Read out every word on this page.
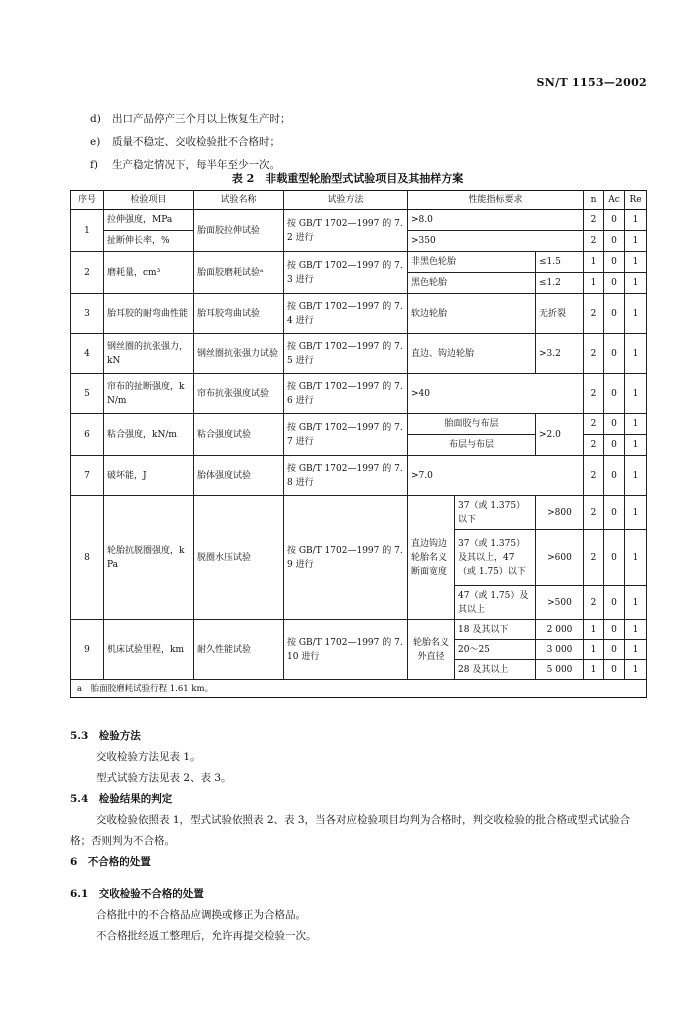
SN/T 1153—2002
d) 出口产品停产三个月以上恢复生产时；
e) 质量不稳定、交收检验批不合格时；
f) 生产稳定情况下，每半年至少一次。
表 2　非载重型轮胎型式试验项目及其抽样方案
序号	检验项目	试验名称	试验方法	性能指标要求			n	Ac	Re
1	拉伸强度，MPa	胎面胶拉伸试验	按 GB/T 1702—1997 的 7.2 进行	>8.0			2	0	1
	扯断伸长率，%			>350			2	0	1
2	磨耗量，cm³	胎面胶磨耗试验ᵃ	按 GB/T 1702—1997 的 7.3 进行	非黑色轮胎		≤1.5	1	0	1
				黑色轮胎		≤1.2	1	0	1
3	胎耳胶的耐弯曲性能	胎耳胶弯曲试验	按 GB/T 1702—1997 的 7.4 进行	软边轮胎		无折裂	2	0	1
4	钢丝圈的抗张强力，kN	钢丝圈抗张强力试验	按 GB/T 1702—1997 的 7.5 进行	直边、钩边轮胎		>3.2	2	0	1
5	帘布的扯断强度，kN/m	帘布抗张强度试验	按 GB/T 1702—1997 的 7.6 进行	>40			2	0	1
6	粘合强度，kN/m	粘合强度试验	按 GB/T 1702—1997 的 7.7 进行	胎面胶与布层		>2.0	2	0	1
				布层与布层			2	0	1
7	破坏能，J	胎体强度试验	按 GB/T 1702—1997 的 7.8 进行	>7.0			2	0	1
8	轮胎抗脱圈强度，kPa	脱圈水压试验	按 GB/T 1702—1997 的 7.9 进行	直边钩边轮胎名义断面宽度	37（或 1.375）以下	>800	2	0	1
					37（或 1.375）及其以上，47（或 1.75）以下	>600	2	0	1
					47（或 1.75）及其以上	>500	2	0	1
9	机床试验里程，km	耐久性能试验	按 GB/T 1702—1997 的 7.10 进行	轮胎名义外直径	18 及其以下	2 000	1	0	1
					20～25	3 000	1	0	1
					28 及其以上	5 000	1	0	1
a　胎面胶磨耗试验行程 1.61 km。									
5.3　检验方法
交收检验方法见表 1。
型式试验方法见表 2、表 3。
5.4　检验结果的判定
交收检验依照表 1，型式试验依照表 2、表 3，当各对应检验项目均判为合格时，判交收检验的批合格或型式试验合格；否则判为不合格。
6　不合格的处置
6.1　交收检验不合格的处置
合格批中的不合格品应调换或修正为合格品。
不合格批经返工整理后，允许再提交检验一次。
